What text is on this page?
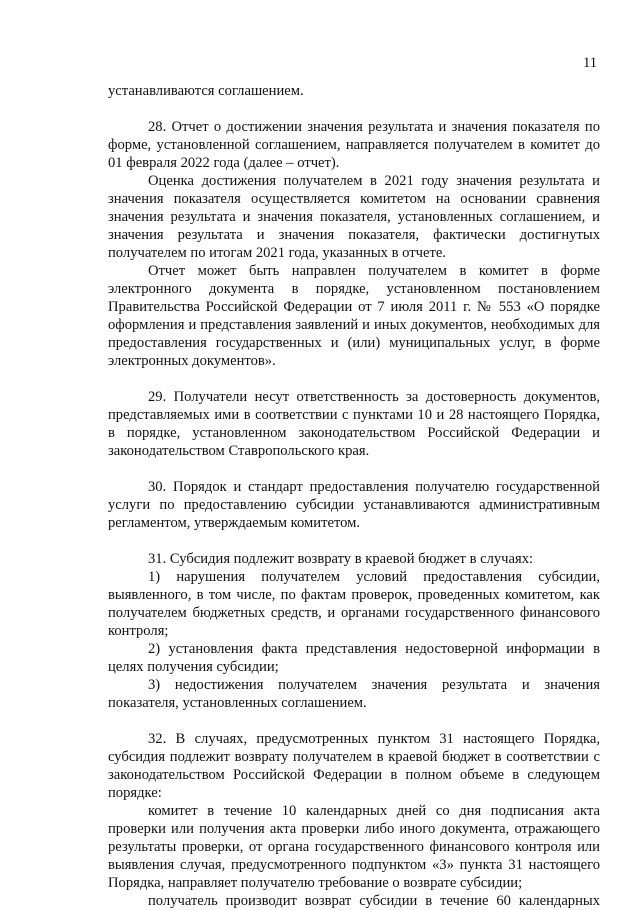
11

устанавливаются соглашением.

28. Отчет о достижении значения результата и значения показателя по форме, установленной соглашением, направляется получателем в комитет до 01 февраля 2022 года (далее – отчет).

Оценка достижения получателем в 2021 году значения результата и значения показателя осуществляется комитетом на основании сравнения значения результата и значения показателя, установленных соглашением, и значения результата и значения показателя, фактически достигнутых получателем по итогам 2021 года, указанных в отчете.

Отчет может быть направлен получателем в комитет в форме электронного документа в порядке, установленном постановлением Правительства Российской Федерации от 7 июля 2011 г. № 553 «О порядке оформления и представления заявлений и иных документов, необходимых для предоставления государственных и (или) муниципальных услуг, в форме электронных документов».

29. Получатели несут ответственность за достоверность документов, представляемых ими в соответствии с пунктами 10 и 28 настоящего Порядка, в порядке, установленном законодательством Российской Федерации и законодательством Ставропольского края.

30. Порядок и стандарт предоставления получателю государственной услуги по предоставлению субсидии устанавливаются административным регламентом, утверждаемым комитетом.

31. Субсидия подлежит возврату в краевой бюджет в случаях:

1) нарушения получателем условий предоставления субсидии, выявленного, в том числе, по фактам проверок, проведенных комитетом, как получателем бюджетных средств, и органами государственного финансового контроля;

2) установления факта представления недостоверной информации в целях получения субсидии;

3) недостижения получателем значения результата и значения показателя, установленных соглашением.

32. В случаях, предусмотренных пунктом 31 настоящего Порядка, субсидия подлежит возврату получателем в краевой бюджет в соответствии с законодательством Российской Федерации в полном объеме в следующем порядке:

комитет в течение 10 календарных дней со дня подписания акта проверки или получения акта проверки либо иного документа, отражающего результаты проверки, от органа государственного финансового контроля или выявления случая, предусмотренного подпунктом «3» пункта 31 настоящего Порядка, направляет получателю требование о возврате субсидии;

получатель производит возврат субсидии в течение 60 календарных
